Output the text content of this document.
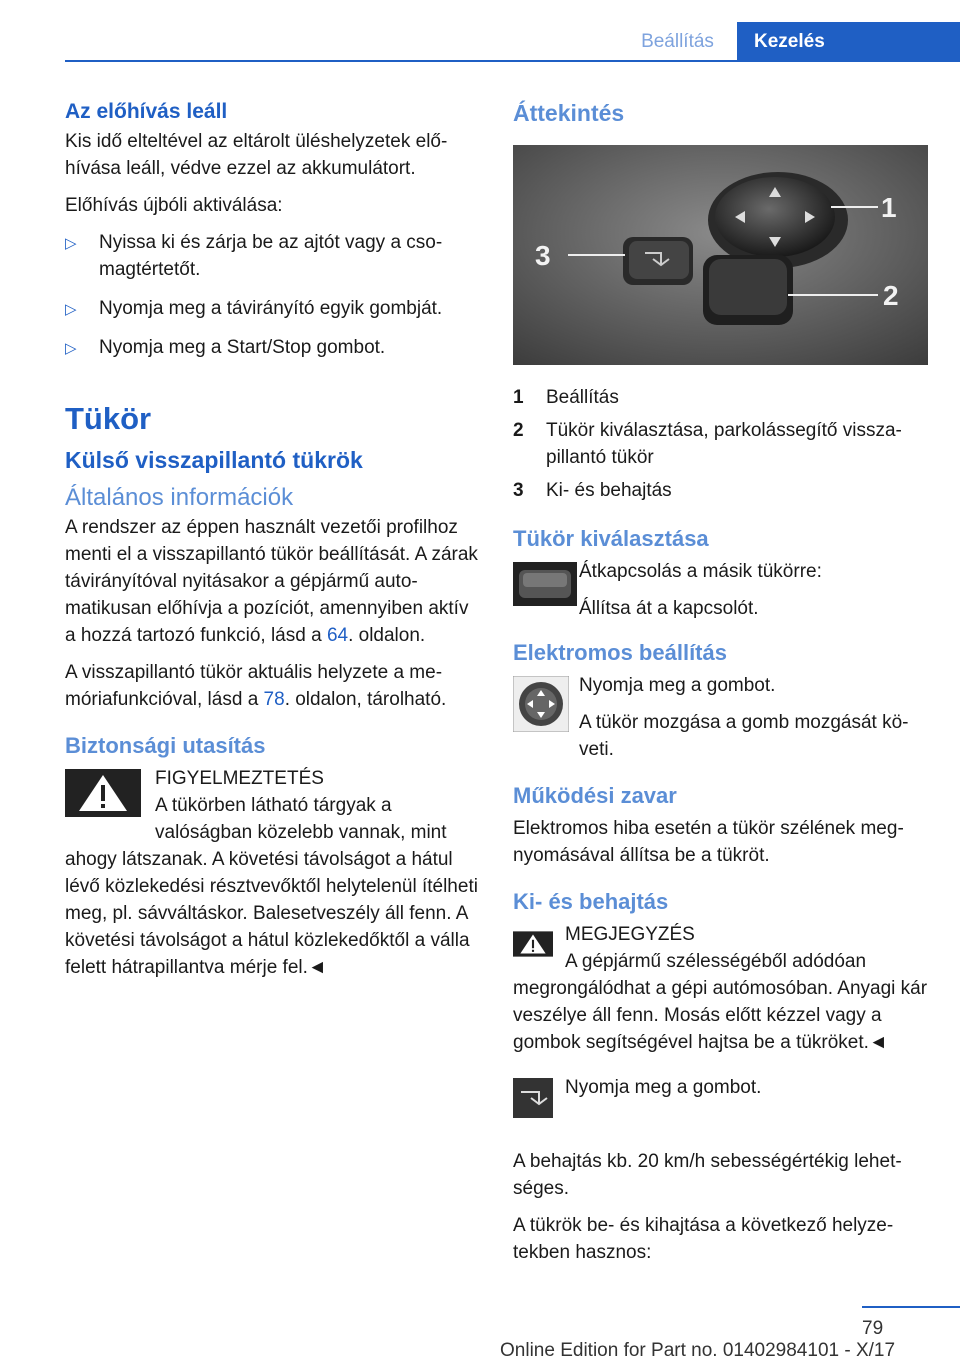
Beállítás	Kezelés
Az előhívás leáll

Kis idő elteltével az eltárolt üléshelyzetek előhívása leáll, védve ezzel az akkumulátort.

Előhívás újbóli aktiválása:

▷ Nyissa ki és zárja be az ajtót vagy a csomagtértetőt.
▷ Nyomja meg a távirányító egyik gombját.
▷ Nyomja meg a Start/Stop gombot.
Tükör
Külső visszapillantó tükrök
Általános információk

A rendszer az éppen használt vezetői profilhoz menti el a visszapillantó tükör beállítását. A zárak távirányítóval nyitásakor a gépjármű automatikusan előhívja a pozíciót, amennyiben aktív a hozzá tartozó funkció, lásd a 64. oldalon.

A visszapillantó tükör aktuális helyzete a memóriafunkcióval, lásd a 78. oldalon, tárolható.

Biztonsági utasítás
FIGYELMEZTETÉS
A tükörben látható tárgyak a valóságban közelebb vannak, mint ahogy látszanak. A követési távolságot a hátul lévő közlekedési résztvevőktől helytelenül ítélheti meg, pl. sávváltáskor. Balesetveszély áll fenn. A követési távolságot a hátul közlekedőktől a válla felett hátrapillantva mérje fel.◄
Áttekintés
1
2
3
1	Beállítás
2	Tükör kiválasztása, parkolássegítő visszapillantó tükör
3	Ki- és behajtás
Tükör kiválasztása

Átkapcsolás a másik tükörre:

Állítsa át a kapcsolót.

Elektromos beállítás

Nyomja meg a gombot.

A tükör mozgása a gomb mozgását követi.

Működési zavar

Elektromos hiba esetén a tükör szélének megnyomásával állítsa be a tükröt.

Ki- és behajtás
MEGJEGYZÉS
A gépjármű szélességéből adódóan megrongálódhat a gépi autómosóban. Anyagi kár veszélye áll fenn. Mosás előtt kézzel vagy a gombok segítségével hajtsa be a tükröket.◄

Nyomja meg a gombot.

A behajtás kb. 20 km/h sebességértékig lehetséges.

A tükrök be- és kihajtása a következő helyzetekben hasznos:

79
Online Edition for Part no. 01402984101 - X/17
